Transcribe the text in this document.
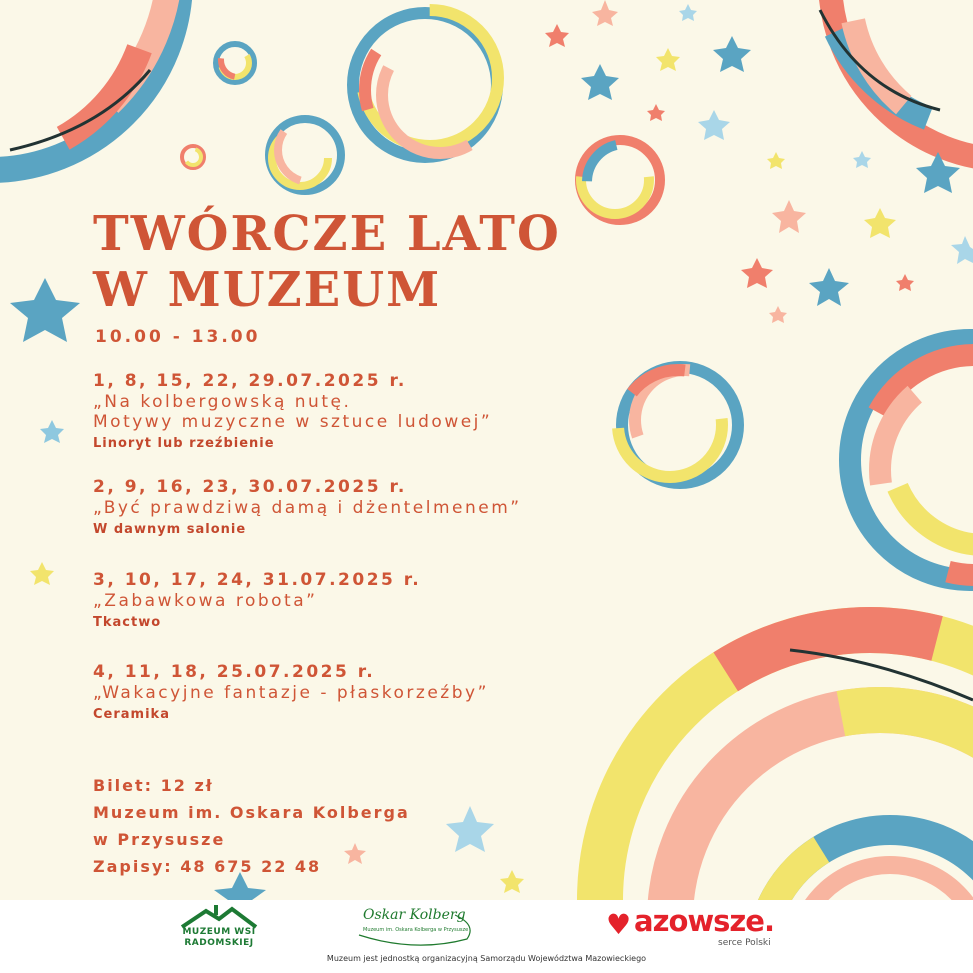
TWÓRCZE LATO
W MUZEUM
10.00 - 13.00
1, 8, 15, 22, 29.07.2025 r.
„Na kolbergowską nutę.
Motywy muzyczne w sztuce ludowej”
Linoryt lub rzeźbienie
2, 9, 16, 23, 30.07.2025 r.
„Być prawdziwą damą i dżentelmenem”
W dawnym salonie
3, 10, 17, 24, 31.07.2025 r.
„Zabawkowa robota”
Tkactwo
4, 11, 18, 25.07.2025 r.
„Wakacyjne fantazje - płaskorzeźby”
Ceramika
Bilet: 12 zł
Muzeum im. Oskara Kolberga
w Przysusze
Zapisy: 48 675 22 48
MUZEUM WSI
RADOMSKIEJ
Oskar Kolberg
Muzeum im. Oskara Kolberga w Przysusze	♥ azowsze.
serce Polski
Muzeum jest jednostką organizacyjną Samorządu Województwa Mazowieckiego
